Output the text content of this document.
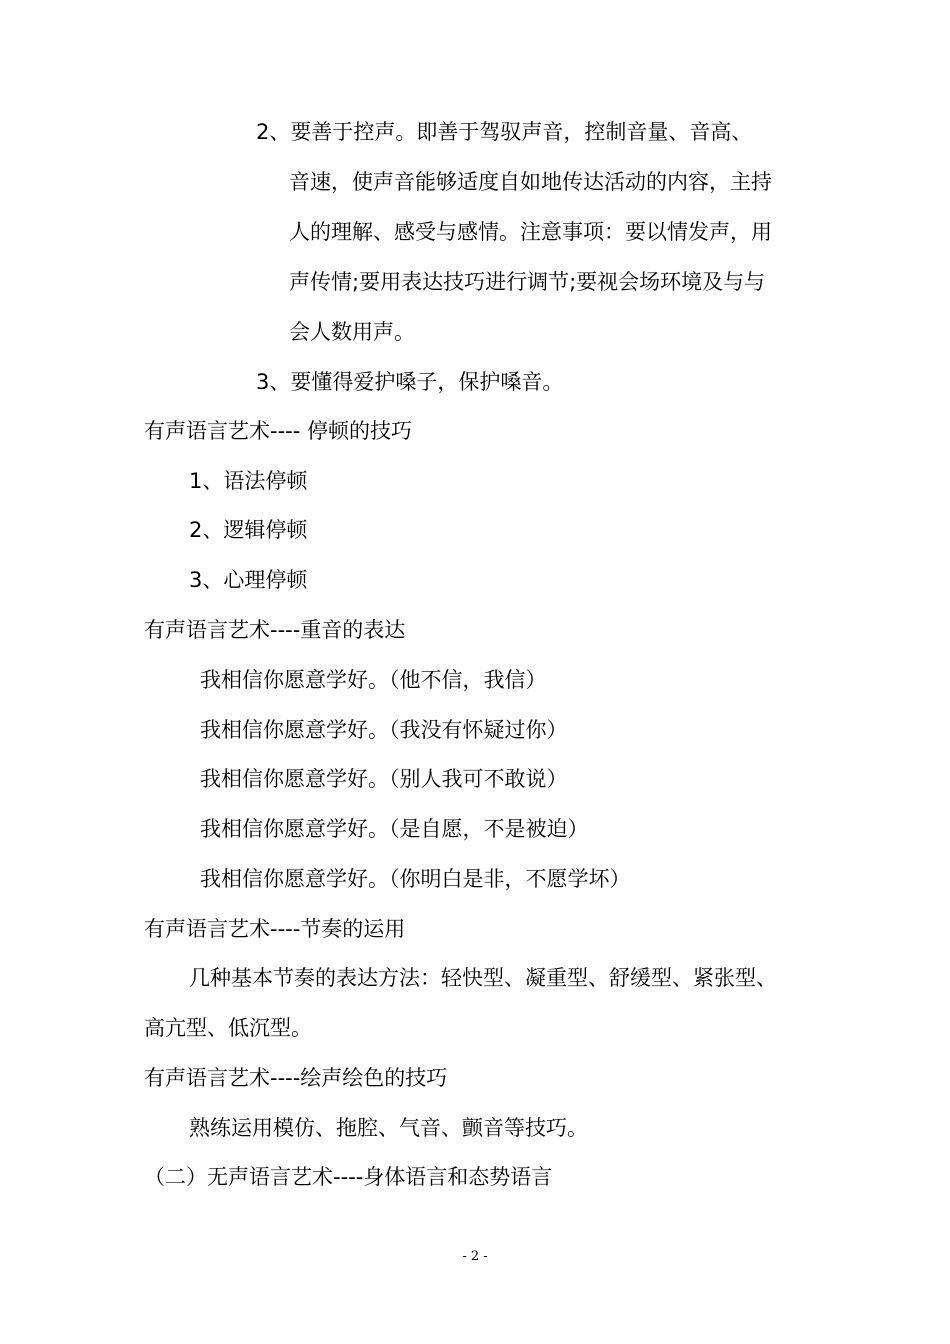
2、要善于控声。即善于驾驭声音，控制音量、音高、
音速，使声音能够适度自如地传达活动的内容，主持
人的理解、感受与感情。注意事项：要以情发声，用
声传情;要用表达技巧进行调节;要视会场环境及与与
会人数用声。
3、要懂得爱护嗓子，保护嗓音。
有声语言艺术---- 停顿的技巧
1、语法停顿
2、逻辑停顿
3、心理停顿
有声语言艺术----重音的表达
我相信你愿意学好。（他不信，我信）
我相信你愿意学好。（我没有怀疑过你）
我相信你愿意学好。（别人我可不敢说）
我相信你愿意学好。（是自愿，不是被迫）
我相信你愿意学好。（你明白是非，不愿学坏）
有声语言艺术----节奏的运用
几种基本节奏的表达方法：轻快型、凝重型、舒缓型、紧张型、
高亢型、低沉型。
有声语言艺术----绘声绘色的技巧
熟练运用模仿、拖腔、气音、颤音等技巧。
（二）无声语言艺术----身体语言和态势语言
- 2 -
